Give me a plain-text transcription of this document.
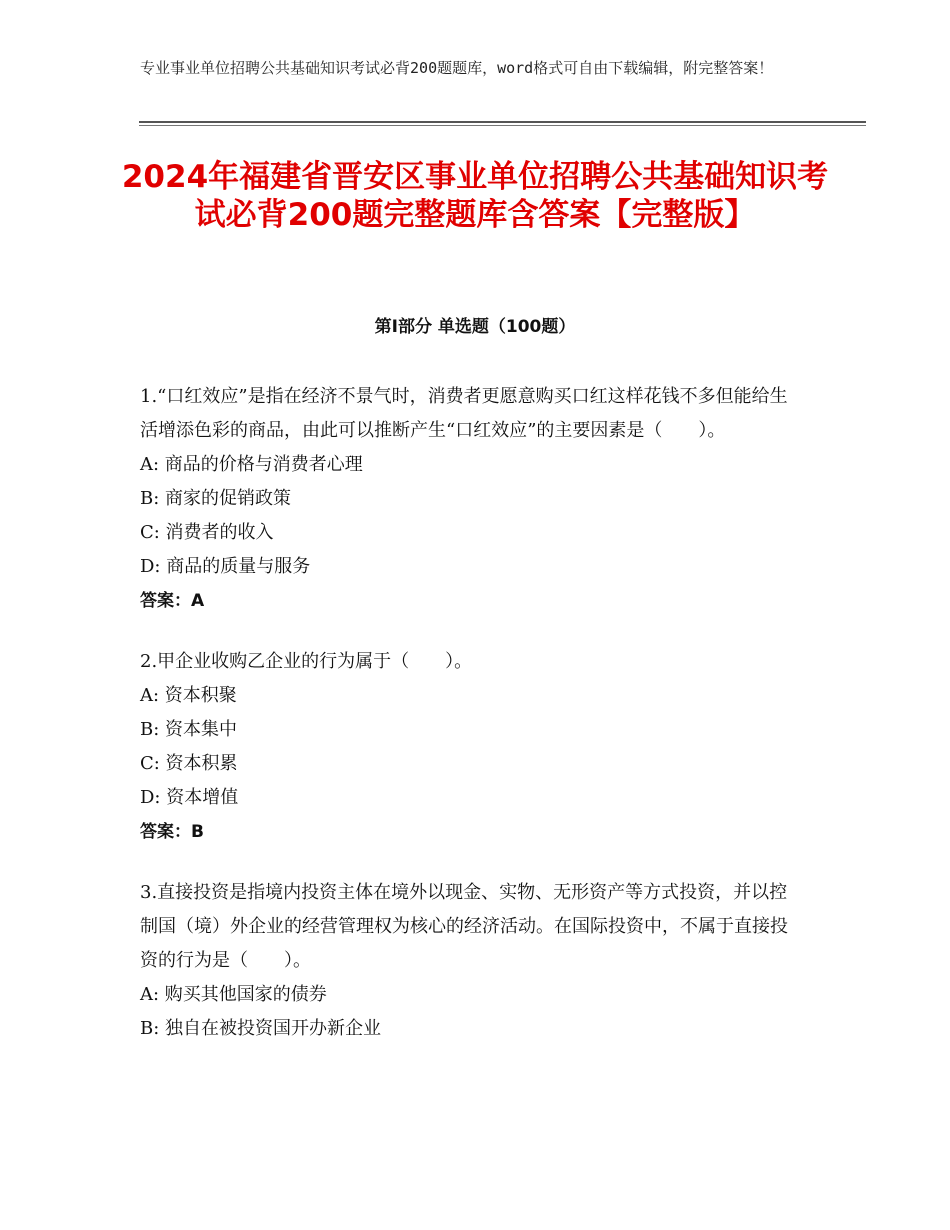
专业事业单位招聘公共基础知识考试必背200题题库，word格式可自由下载编辑，附完整答案！

2024年福建省晋安区事业单位招聘公共基础知识考试必背200题完整题库含答案【完整版】
第Ⅰ部分 单选题（100题）

1.“口红效应”是指在经济不景气时，消费者更愿意购买口红这样花钱不多但能给生活增添色彩的商品，由此可以推断产生“口红效应”的主要因素是（　　）。

A: 商品的价格与消费者心理

B: 商家的促销政策

C: 消费者的收入

D: 商品的质量与服务

答案：A

2.甲企业收购乙企业的行为属于（　　）。

A: 资本积聚

B: 资本集中

C: 资本积累

D: 资本增值

答案：B

3.直接投资是指境内投资主体在境外以现金、实物、无形资产等方式投资，并以控制国（境）外企业的经营管理权为核心的经济活动。在国际投资中，不属于直接投资的行为是（　　）。

A: 购买其他国家的债券

B: 独自在被投资国开办新企业
